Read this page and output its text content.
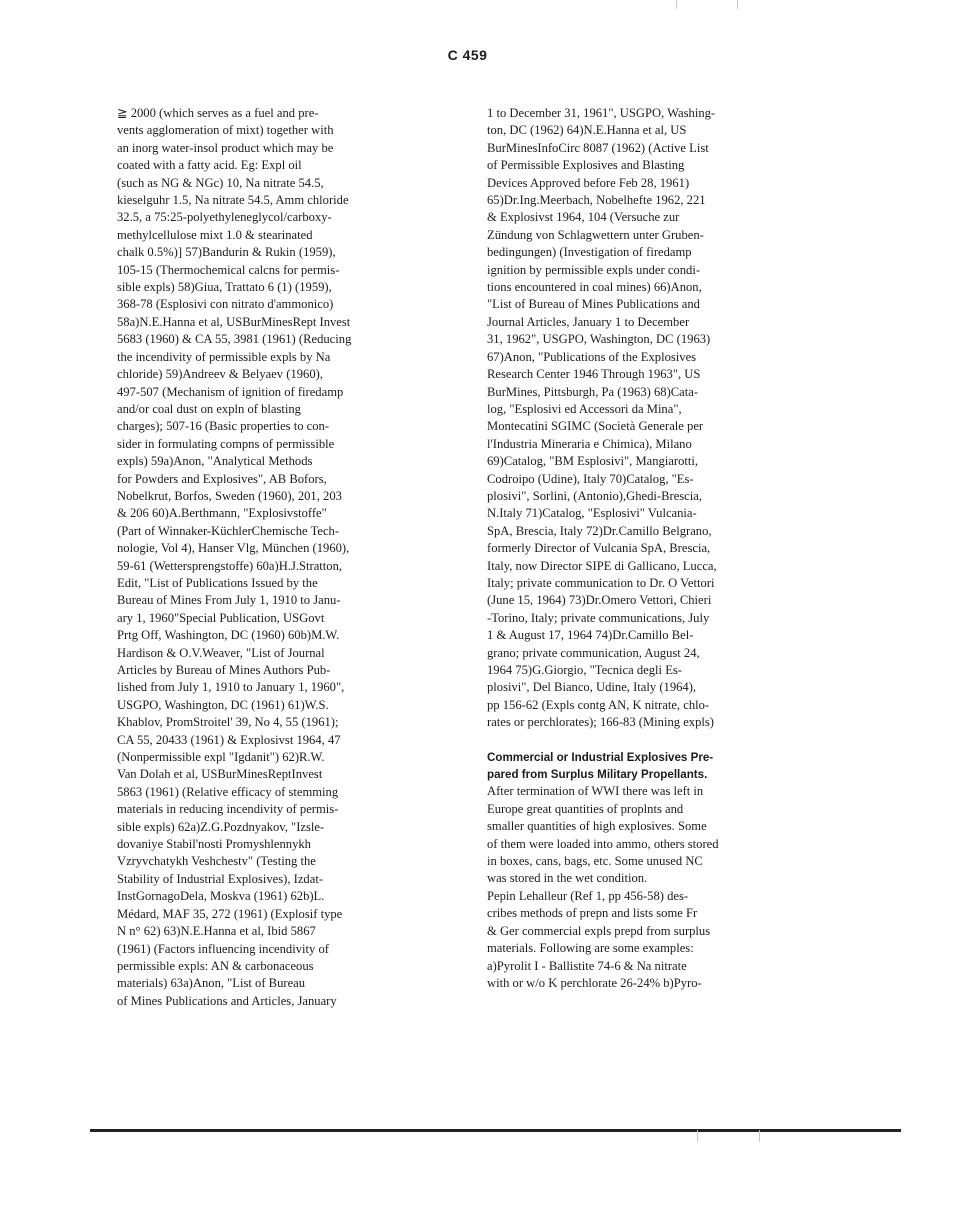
C 459
≧ 2000 (which serves as a fuel and pre-
vents agglomeration of mixt) together with
an inorg water-insol product which may be
coated with a fatty acid. Eg: Expl oil
(such as NG & NGc) 10, Na nitrate 54.5,
kieselguhr 1.5, Na nitrate 54.5, Amm chloride
32.5, a 75:25-polyethyleneglycol/carboxy-
methylcellulose mixt 1.0 & stearinated
chalk 0.5%)] 57)Bandurin & Rukin (1959),
105-15 (Thermochemical calcns for permis-
sible expls) 58)Giua, Trattato 6 (1) (1959),
368-78 (Esplosivi con nitrato d'ammonico)
58a)N.E.Hanna et al, USBurMinesRept Invest
5683 (1960) & CA 55, 3981 (1961) (Reducing
the incendivity of permissible expls by Na
chloride) 59)Andreev & Belyaev (1960),
497-507 (Mechanism of ignition of firedamp
and/or coal dust on expln of blasting
charges); 507-16 (Basic properties to con-
sider in formulating compns of permissible
expls) 59a)Anon, "Analytical Methods
for Powders and Explosives", AB Bofors,
Nobelkrut, Borfos, Sweden (1960), 201, 203
& 206 60)A.Berthmann, "Explosivstoffe"
(Part of Winnaker-KüchlerChemische Tech-
nologie, Vol 4), Hanser Vlg, München (1960),
59-61 (Wettersprengstoffe) 60a)H.J.Stratton,
Edit, "List of Publications Issued by the
Bureau of Mines From July 1, 1910 to Janu-
ary 1, 1960"Special Publication, USGovt
Prtg Off, Washington, DC (1960) 60b)M.W.
Hardison & O.V.Weaver, "List of Journal
Articles by Bureau of Mines Authors Pub-
lished from July 1, 1910 to January 1, 1960",
USGPO, Washington, DC (1961) 61)W.S.
Khablov, PromStroitel' 39, No 4, 55 (1961);
CA 55, 20433 (1961) & Explosivst 1964, 47
(Nonpermissible expl "Igdanit") 62)R.W.
Van Dolah et al, USBurMinesReptInvest
5863 (1961) (Relative efficacy of stemming
materials in reducing incendivity of permis-
sible expls) 62a)Z.G.Pozdnyakov, "Izsle-
dovaniye Stabil'nosti Promyshlennykh
Vzryvchatykh Veshchestv" (Testing the
Stability of Industrial Explosives), Izdat-
InstGornagoDela, Moskva (1961) 62b)L.
Médard, MAF 35, 272 (1961) (Explosif type
N n° 62) 63)N.E.Hanna et al, Ibid 5867
(1961) (Factors influencing incendivity of
permissible expls: AN & carbonaceous
materials) 63a)Anon, "List of Bureau
of Mines Publications and Articles, January
1 to December 31, 1961", USGPO, Washing-
ton, DC (1962) 64)N.E.Hanna et al, US
BurMinesInfoCirc 8087 (1962) (Active List
of Permissible Explosives and Blasting
Devices Approved before Feb 28, 1961)
65)Dr.Ing.Meerbach, Nobelhefte 1962, 221
& Explosivst 1964, 104 (Versuche zur
Zündung von Schlagwettern unter Gruben-
bedingungen) (Investigation of firedamp
ignition by permissible expls under condi-
tions encountered in coal mines) 66)Anon,
"List of Bureau of Mines Publications and
Journal Articles, January 1 to December
31, 1962", USGPO, Washington, DC (1963)
67)Anon, "Publications of the Explosives
Research Center 1946 Through 1963", US
BurMines, Pittsburgh, Pa (1963) 68)Cata-
log, "Esplosivi ed Accessori da Mina",
Montecatini SGIMC (Società Generale per
l'Industria Mineraria e Chimica), Milano
69)Catalog, "BM Esplosivi", Mangiarotti,
Codroipo (Udine), Italy 70)Catalog, "Es-
plosivi", Sorlini, (Antonio),Ghedi-Brescia,
N.Italy 71)Catalog, "Esplosivi" Vulcania-
SpA, Brescia, Italy 72)Dr.Camillo Belgrano,
formerly Director of Vulcania SpA, Brescia,
Italy, now Director SIPE di Gallicano, Lucca,
Italy; private communication to Dr. O Vettori
(June 15, 1964) 73)Dr.Omero Vettori, Chieri
-Torino, Italy; private communications, July
1 & August 17, 1964 74)Dr.Camillo Bel-
grano; private communication, August 24,
1964 75)G.Giorgio, "Tecnica degli Es-
plosivi", Del Bianco, Udine, Italy (1964),
pp 156-62 (Expls contg AN, K nitrate, chlo-
rates or perchlorates); 166-83 (Mining expls)
Commercial or Industrial Explosives Pre-
pared from Surplus Military Propellants.
After termination of WWI there was left in
Europe great quantities of proplnts and
smaller quantities of high explosives. Some
of them were loaded into ammo, others stored
in boxes, cans, bags, etc. Some unused NC
was stored in the wet condition.
Pepin Lehalleur (Ref 1, pp 456-58) des-
cribes methods of prepn and lists some Fr
& Ger commercial expls prepd from surplus
materials. Following are some examples:
a)Pyrolit I - Ballistite 74-6 & Na nitrate
with or w/o K perchlorate 26-24% b)Pyro-
